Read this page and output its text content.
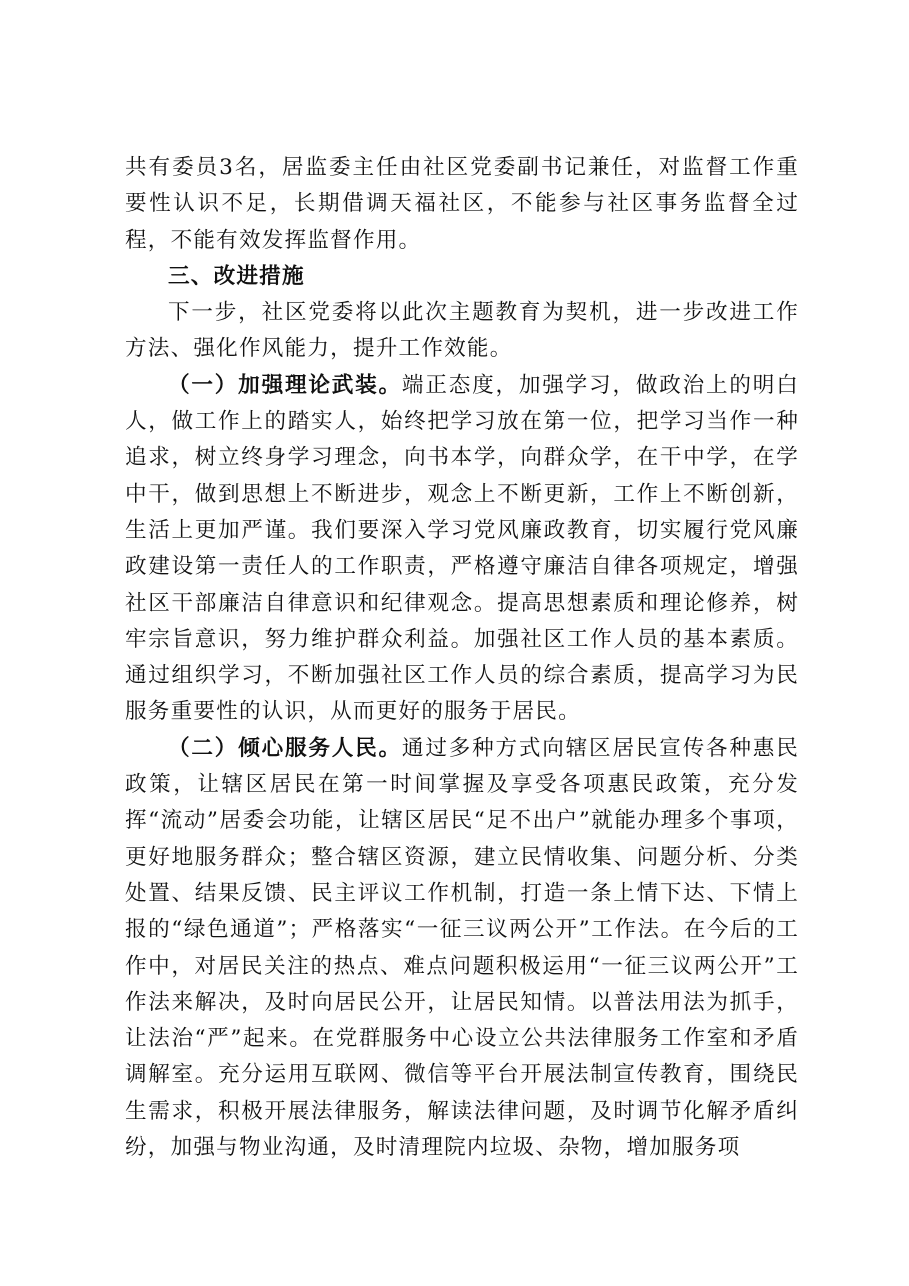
共有委员3名，居监委主任由社区党委副书记兼任，对监督工作重要性认识不足，长期借调天福社区，不能参与社区事务监督全过程，不能有效发挥监督作用。

三、改进措施

下一步，社区党委将以此次主题教育为契机，进一步改进工作方法、强化作风能力，提升工作效能。

（一）加强理论武装。端正态度，加强学习，做政治上的明白人，做工作上的踏实人，始终把学习放在第一位，把学习当作一种追求，树立终身学习理念，向书本学，向群众学，在干中学，在学中干，做到思想上不断进步，观念上不断更新，工作上不断创新，生活上更加严谨。我们要深入学习党风廉政教育，切实履行党风廉政建设第一责任人的工作职责，严格遵守廉洁自律各项规定，增强社区干部廉洁自律意识和纪律观念。提高思想素质和理论修养，树牢宗旨意识，努力维护群众利益。加强社区工作人员的基本素质。通过组织学习，不断加强社区工作人员的综合素质，提高学习为民服务重要性的认识，从而更好的服务于居民。

（二）倾心服务人民。通过多种方式向辖区居民宣传各种惠民政策，让辖区居民在第一时间掌握及享受各项惠民政策，充分发挥“流动”居委会功能，让辖区居民“足不出户”就能办理多个事项，更好地服务群众；整合辖区资源，建立民情收集、问题分析、分类处置、结果反馈、民主评议工作机制，打造一条上情下达、下情上报的“绿色通道”；严格落实“一征三议两公开”工作法。在今后的工作中，对居民关注的热点、难点问题积极运用“一征三议两公开”工作法来解决，及时向居民公开，让居民知情。以普法用法为抓手，让法治“严”起来。在党群服务中心设立公共法律服务工作室和矛盾调解室。充分运用互联网、微信等平台开展法制宣传教育，围绕民生需求，积极开展法律服务，解读法律问题，及时调节化解矛盾纠纷，加强与物业沟通，及时清理院内垃圾、杂物，增加服务项
